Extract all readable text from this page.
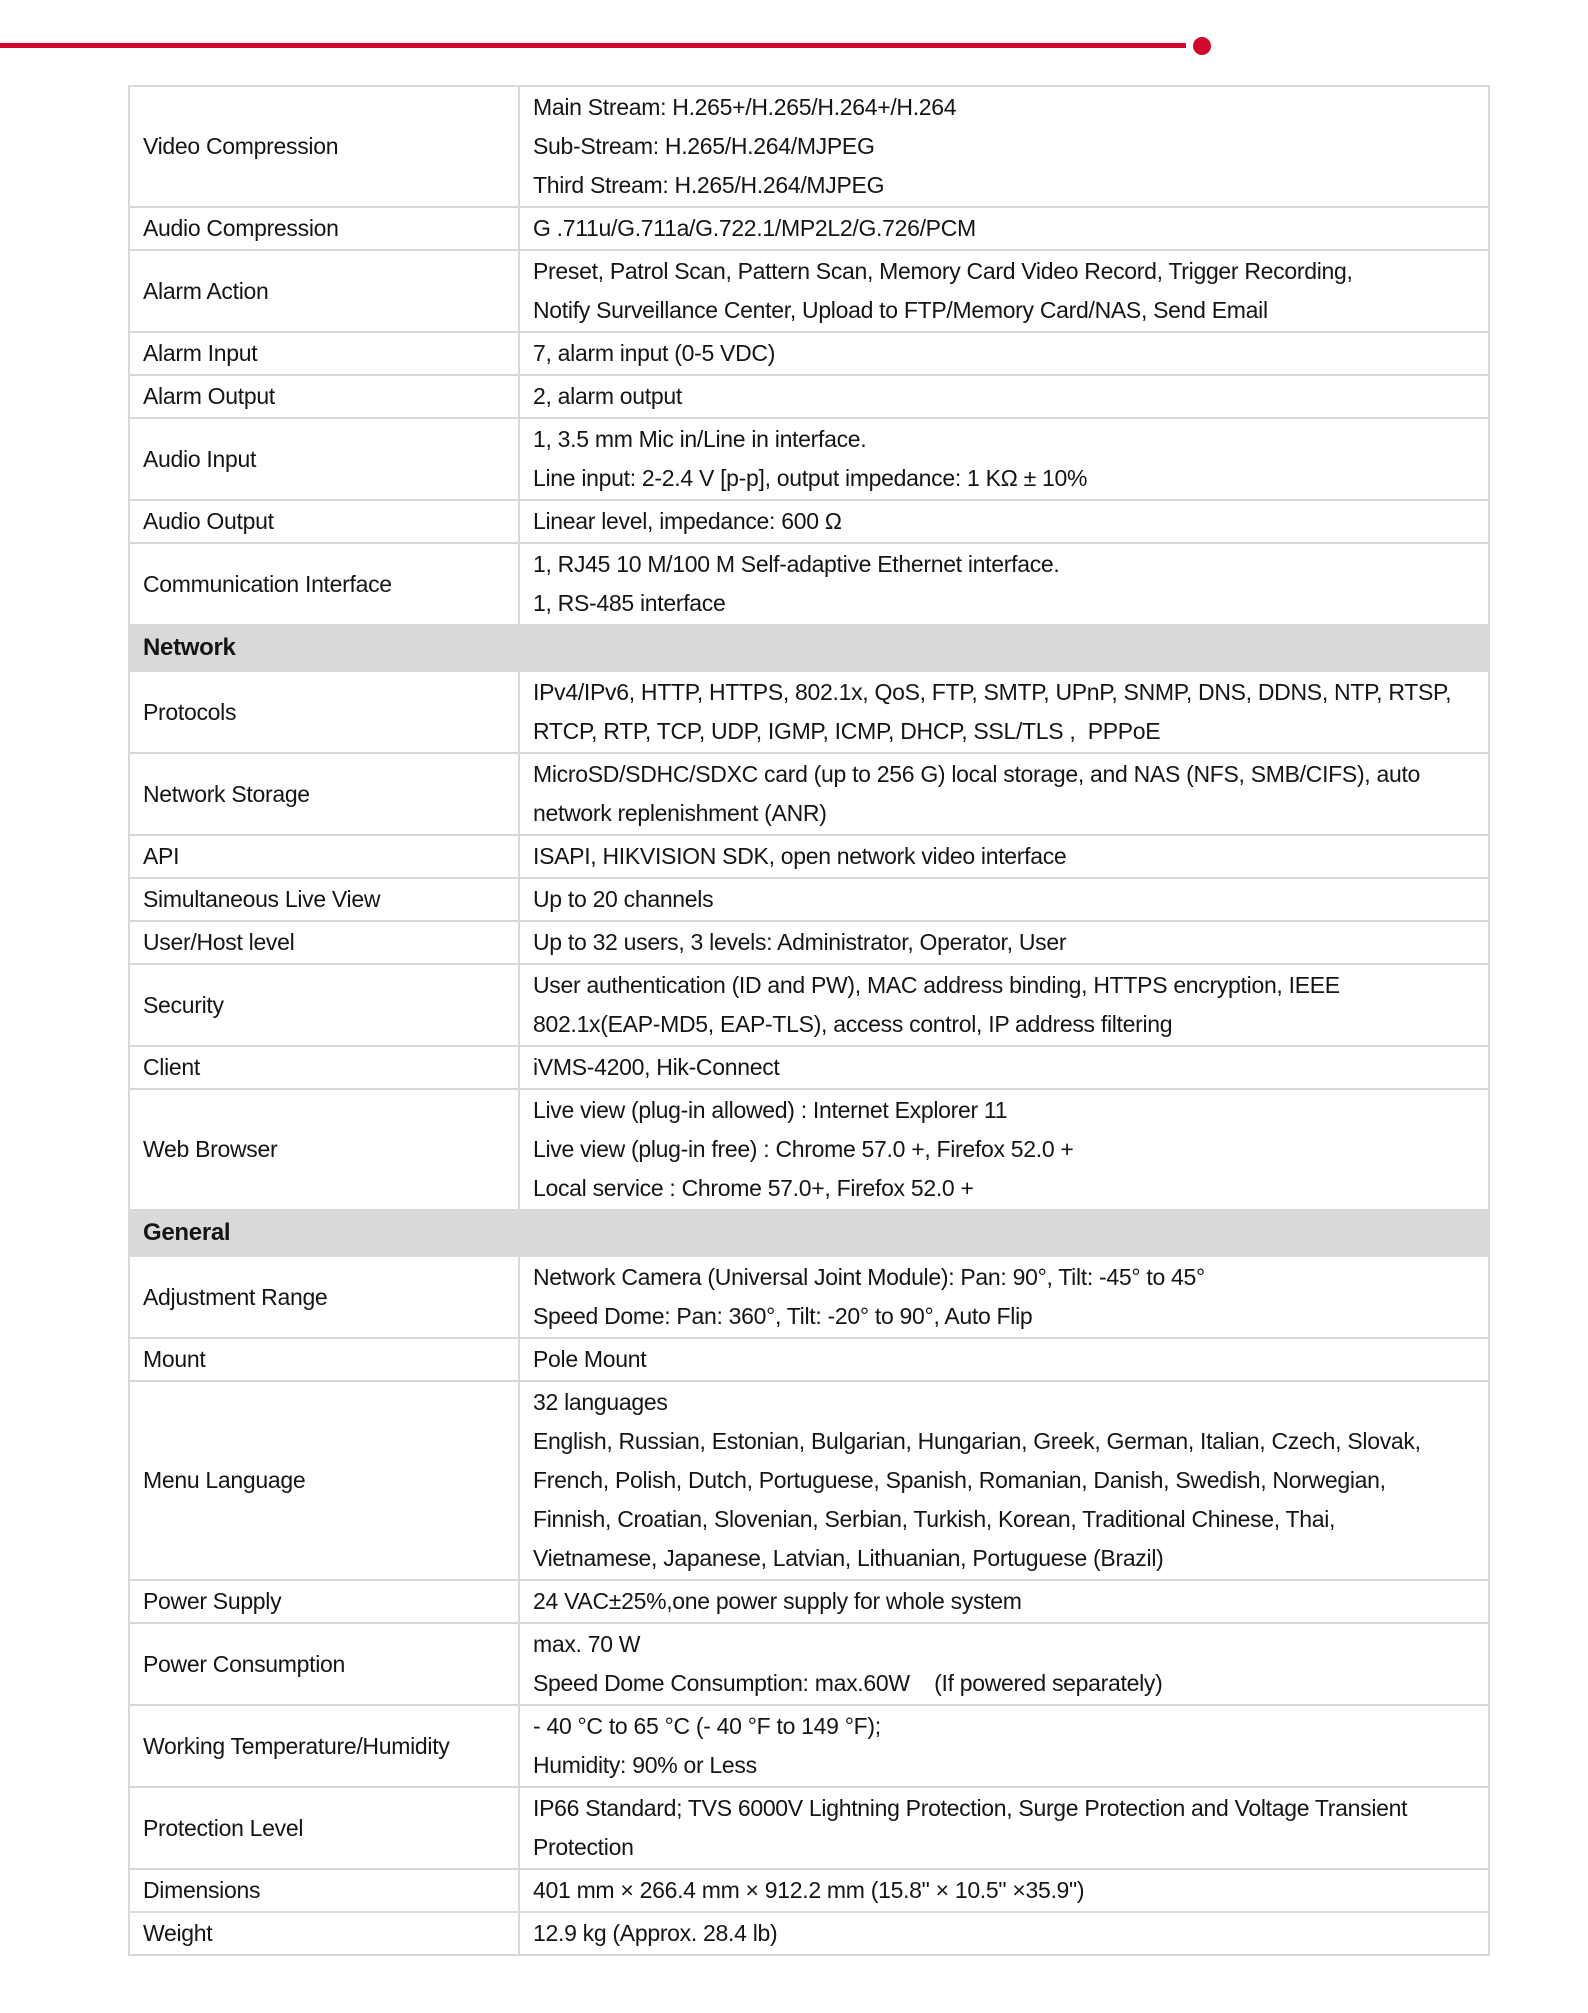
Video Compression	Main Stream: H.265+/H.265/H.264+/H.264
Sub-Stream: H.265/H.264/MJPEG
Third Stream: H.265/H.264/MJPEG

Audio Compression	G .711u/G.711a/G.722.1/MP2L2/G.726/PCM

Alarm Action	Preset, Patrol Scan, Pattern Scan, Memory Card Video Record, Trigger Recording,
Notify Surveillance Center, Upload to FTP/Memory Card/NAS, Send Email

Alarm Input	7, alarm input (0-5 VDC)

Alarm Output	2, alarm output

Audio Input	1, 3.5 mm Mic in/Line in interface.
Line input: 2-2.4 V [p-p], output impedance: 1 KΩ ± 10%

Audio Output	Linear level, impedance: 600 Ω

Communication Interface	1, RJ45 10 M/100 M Self-adaptive Ethernet interface.
1, RS-485 interface

Network	
Protocols	IPv4/IPv6, HTTP, HTTPS, 802.1x, QoS, FTP, SMTP, UPnP, SNMP, DNS, DDNS, NTP, RTSP,
RTCP, RTP, TCP, UDP, IGMP, ICMP, DHCP, SSL/TLS ,  PPPoE

Network Storage	MicroSD/SDHC/SDXC card (up to 256 G) local storage, and NAS (NFS, SMB/CIFS), auto
network replenishment (ANR)

API	ISAPI, HIKVISION SDK, open network video interface

Simultaneous Live View	Up to 20 channels

User/Host level	Up to 32 users, 3 levels: Administrator, Operator, User

Security	User authentication (ID and PW), MAC address binding, HTTPS encryption, IEEE
802.1x(EAP-MD5, EAP-TLS), access control, IP address filtering

Client	iVMS-4200, Hik-Connect

Web Browser	Live view (plug-in allowed) : Internet Explorer 11
Live view (plug-in free) : Chrome 57.0 +, Firefox 52.0 +
Local service : Chrome 57.0+, Firefox 52.0 +

General	
Adjustment Range	Network Camera (Universal Joint Module): Pan: 90°, Tilt: -45° to 45°
Speed Dome: Pan: 360°, Tilt: -20° to 90°, Auto Flip

Mount	Pole Mount

Menu Language	32 languages
English, Russian, Estonian, Bulgarian, Hungarian, Greek, German, Italian, Czech, Slovak,
French, Polish, Dutch, Portuguese, Spanish, Romanian, Danish, Swedish, Norwegian,
Finnish, Croatian, Slovenian, Serbian, Turkish, Korean, Traditional Chinese, Thai,
Vietnamese, Japanese, Latvian, Lithuanian, Portuguese (Brazil)

Power Supply	24 VAC±25%,one power supply for whole system

Power Consumption	max. 70 W
Speed Dome Consumption: max.60W    (If powered separately)

Working Temperature/Humidity	- 40 °C to 65 °C (- 40 °F to 149 °F);
Humidity: 90% or Less

Protection Level	IP66 Standard; TVS 6000V Lightning Protection, Surge Protection and Voltage Transient
Protection

Dimensions	401 mm × 266.4 mm × 912.2 mm (15.8" × 10.5" ×35.9")

Weight	12.9 kg (Approx. 28.4 lb)
